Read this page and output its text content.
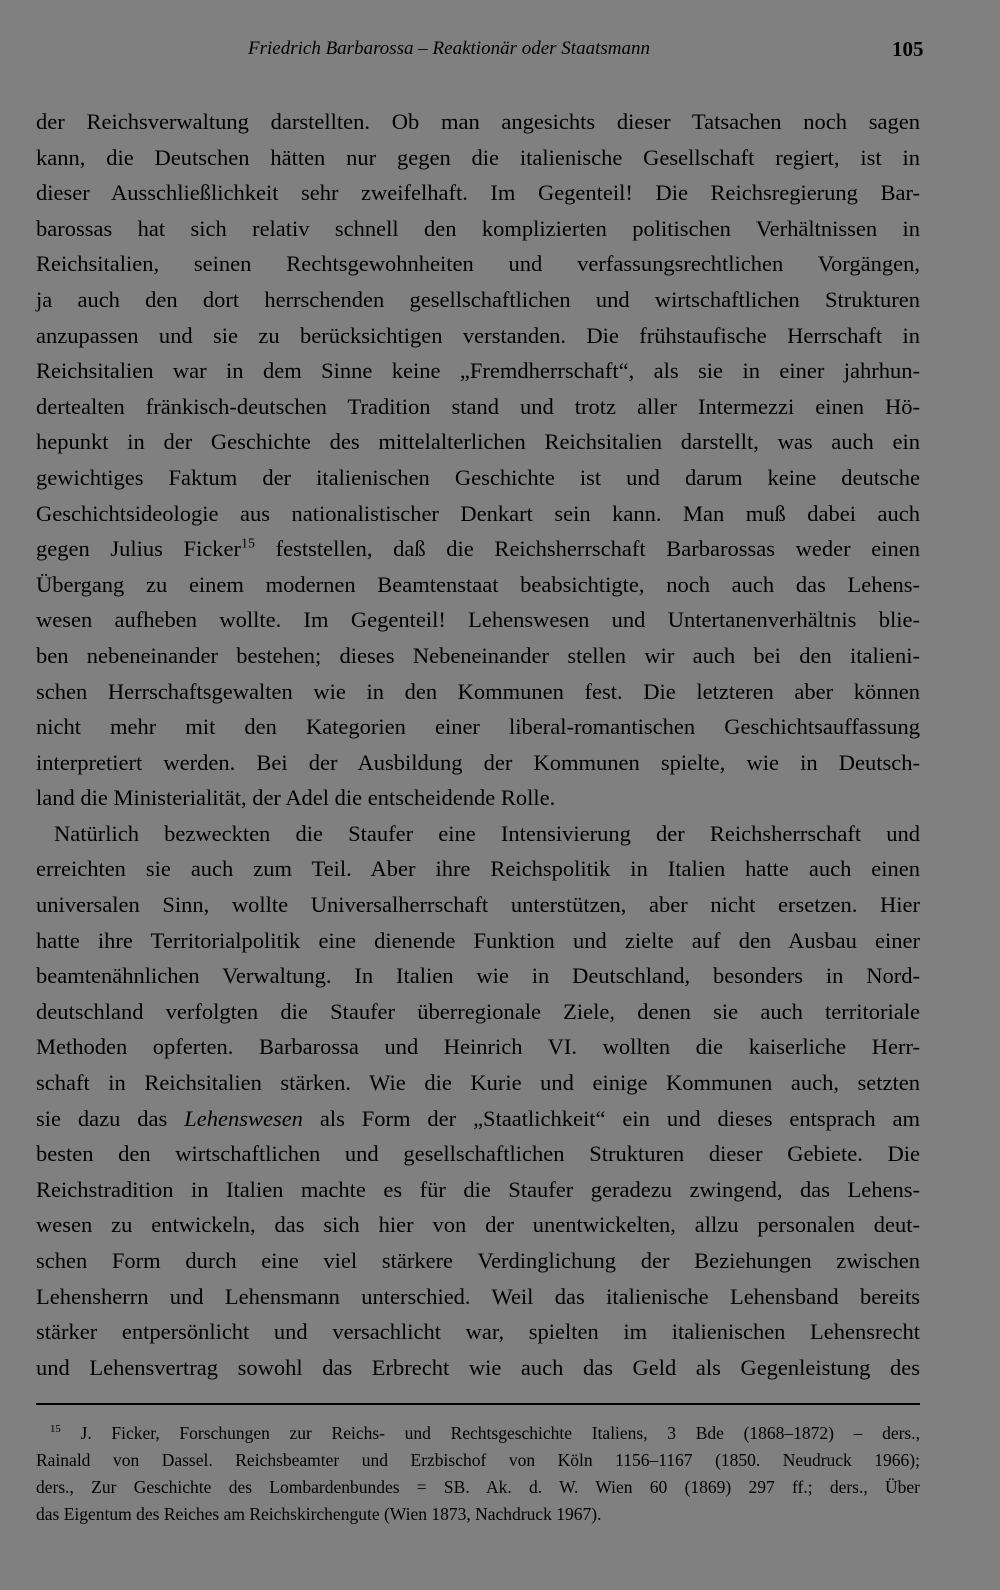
Friedrich Barbarossa – Reaktionär oder Staatsmann	105
der Reichsverwaltung darstellten. Ob man angesichts dieser Tatsachen noch sagen
kann, die Deutschen hätten nur gegen die italienische Gesellschaft regiert, ist in
dieser Ausschließlichkeit sehr zweifelhaft. Im Gegenteil! Die Reichsregierung Bar-
barossas hat sich relativ schnell den komplizierten politischen Verhältnissen in
Reichsitalien, seinen Rechtsgewohnheiten und verfassungsrechtlichen Vorgängen,
ja auch den dort herrschenden gesellschaftlichen und wirtschaftlichen Strukturen
anzupassen und sie zu berücksichtigen verstanden. Die frühstaufische Herrschaft in
Reichsitalien war in dem Sinne keine „Fremdherrschaft“, als sie in einer jahrhun-
dertealten fränkisch-deutschen Tradition stand und trotz aller Intermezzi einen Hö-
hepunkt in der Geschichte des mittelalterlichen Reichsitalien darstellt, was auch ein
gewichtiges Faktum der italienischen Geschichte ist und darum keine deutsche
Geschichtsideologie aus nationalistischer Denkart sein kann. Man muß dabei auch
gegen Julius Ficker$^{15}$ feststellen, daß die Reichsherrschaft Barbarossas weder einen
Übergang zu einem modernen Beamtenstaat beabsichtigte, noch auch das Lehens-
wesen aufheben wollte. Im Gegenteil! Lehenswesen und Untertanenverhältnis blie-
ben nebeneinander bestehen; dieses Nebeneinander stellen wir auch bei den italieni-
schen Herrschaftsgewalten wie in den Kommunen fest. Die letzteren aber können
nicht mehr mit den Kategorien einer liberal-romantischen Geschichtsauffassung
interpretiert werden. Bei der Ausbildung der Kommunen spielte, wie in Deutsch-
land die Ministerialität, der Adel die entscheidende Rolle.
Natürlich bezweckten die Staufer eine Intensivierung der Reichsherrschaft und
erreichten sie auch zum Teil. Aber ihre Reichspolitik in Italien hatte auch einen
universalen Sinn, wollte Universalherrschaft unterstützen, aber nicht ersetzen. Hier
hatte ihre Territorialpolitik eine dienende Funktion und zielte auf den Ausbau einer
beamtenähnlichen Verwaltung. In Italien wie in Deutschland, besonders in Nord-
deutschland verfolgten die Staufer überregionale Ziele, denen sie auch territoriale
Methoden opferten. Barbarossa und Heinrich VI. wollten die kaiserliche Herr-
schaft in Reichsitalien stärken. Wie die Kurie und einige Kommunen auch, setzten
sie dazu das Lehenswesen als Form der „Staatlichkeit“ ein und dieses entsprach am
besten den wirtschaftlichen und gesellschaftlichen Strukturen dieser Gebiete. Die
Reichstradition in Italien machte es für die Staufer geradezu zwingend, das Lehens-
wesen zu entwickeln, das sich hier von der unentwickelten, allzu personalen deut-
schen Form durch eine viel stärkere Verdinglichung der Beziehungen zwischen
Lehensherrn und Lehensmann unterschied. Weil das italienische Lehensband bereits
stärker entpersönlicht und versachlicht war, spielten im italienischen Lehensrecht
und Lehensvertrag sowohl das Erbrecht wie auch das Geld als Gegenleistung des
$^{15}$ J. Ficker, Forschungen zur Reichs- und Rechtsgeschichte Italiens, 3 Bde (1868–1872) – ders.,
Rainald von Dassel. Reichsbeamter und Erzbischof von Köln 1156–1167 (1850. Neudruck 1966);
ders., Zur Geschichte des Lombardenbundes = SB. Ak. d. W. Wien 60 (1869) 297 ff.; ders., Über
das Eigentum des Reiches am Reichskirchengute (Wien 1873, Nachdruck 1967).
